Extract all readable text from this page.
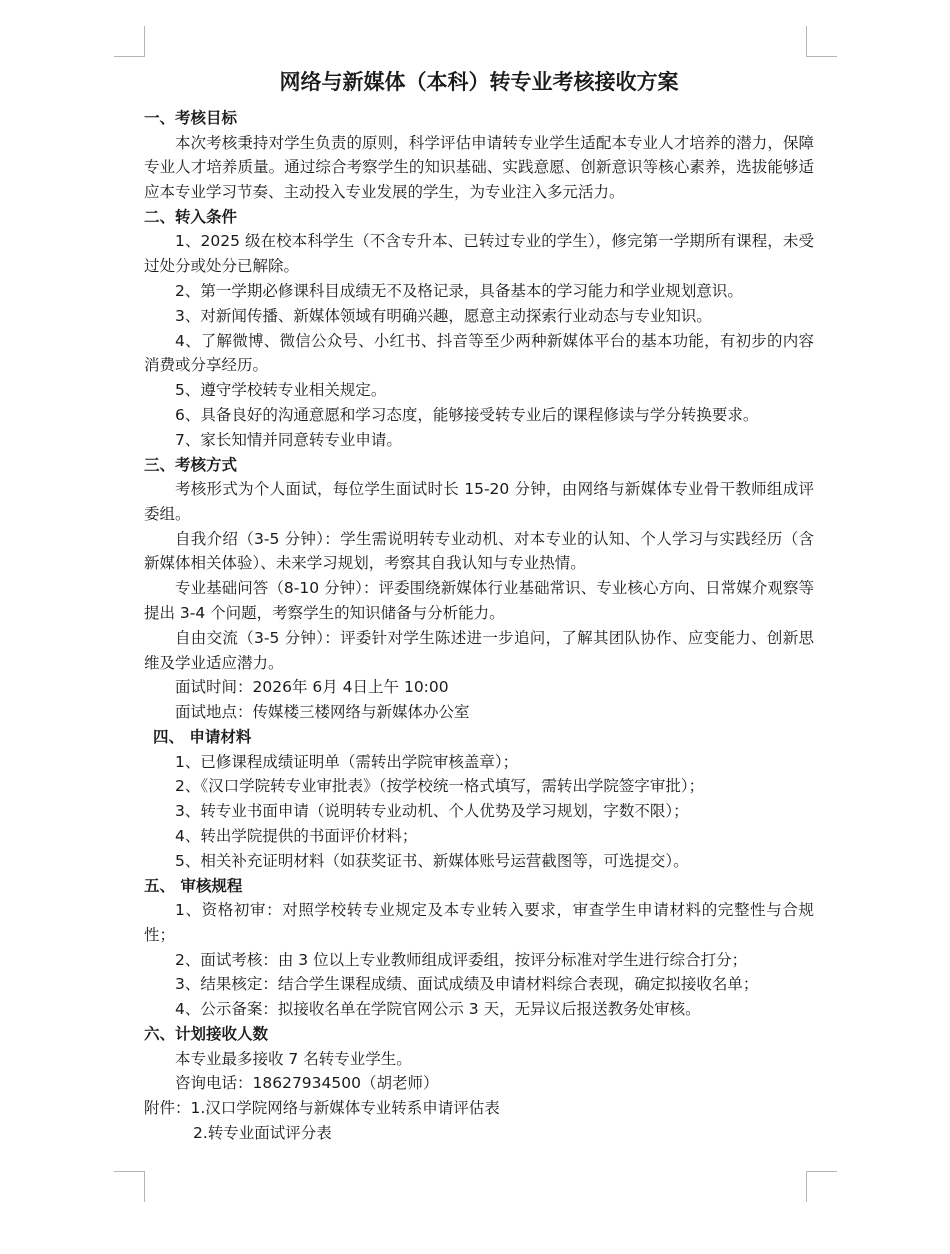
网络与新媒体（本科）转专业考核接收方案
一、考核目标
本次考核秉持对学生负责的原则，科学评估申请转专业学生适配本专业人才培养的潜力，保障专业人才培养质量。通过综合考察学生的知识基础、实践意愿、创新意识等核心素养，选拔能够适应本专业学习节奏、主动投入专业发展的学生，为专业注入多元活力。
二、转入条件
1、2025 级在校本科学生（不含专升本、已转过专业的学生），修完第一学期所有课程，未受过处分或处分已解除。
2、第一学期必修课科目成绩无不及格记录，具备基本的学习能力和学业规划意识。
3、对新闻传播、新媒体领域有明确兴趣，愿意主动探索行业动态与专业知识。
4、了解微博、微信公众号、小红书、抖音等至少两种新媒体平台的基本功能，有初步的内容消费或分享经历。
5、遵守学校转专业相关规定。
6、具备良好的沟通意愿和学习态度，能够接受转专业后的课程修读与学分转换要求。
7、家长知情并同意转专业申请。
三、考核方式
考核形式为个人面试，每位学生面试时长 15-20 分钟，由网络与新媒体专业骨干教师组成评委组。
自我介绍（3-5 分钟）：学生需说明转专业动机、对本专业的认知、个人学习与实践经历（含新媒体相关体验）、未来学习规划，考察其自我认知与专业热情。
专业基础问答（8-10 分钟）：评委围绕新媒体行业基础常识、专业核心方向、日常媒介观察等提出 3-4 个问题，考察学生的知识储备与分析能力。
自由交流（3-5 分钟）：评委针对学生陈述进一步追问，了解其团队协作、应变能力、创新思维及学业适应潜力。
面试时间：2026年 6月 4日上午 10:00
面试地点：传媒楼三楼网络与新媒体办公室
四、 申请材料
1、已修课程成绩证明单（需转出学院审核盖章）；
2、《汉口学院转专业审批表》（按学校统一格式填写，需转出学院签字审批）；
3、转专业书面申请（说明转专业动机、个人优势及学习规划，字数不限）；
4、转出学院提供的书面评价材料；
5、相关补充证明材料（如获奖证书、新媒体账号运营截图等，可选提交）。
五、 审核规程
1、资格初审：对照学校转专业规定及本专业转入要求，审查学生申请材料的完整性与合规性；
2、面试考核：由 3 位以上专业教师组成评委组，按评分标准对学生进行综合打分；
3、结果核定：结合学生课程成绩、面试成绩及申请材料综合表现，确定拟接收名单；
4、公示备案：拟接收名单在学院官网公示 3 天，无异议后报送教务处审核。
六、计划接收人数
本专业最多接收 7 名转专业学生。
咨询电话：18627934500（胡老师）
附件：1.汉口学院网络与新媒体专业转系申请评估表
2.转专业面试评分表
